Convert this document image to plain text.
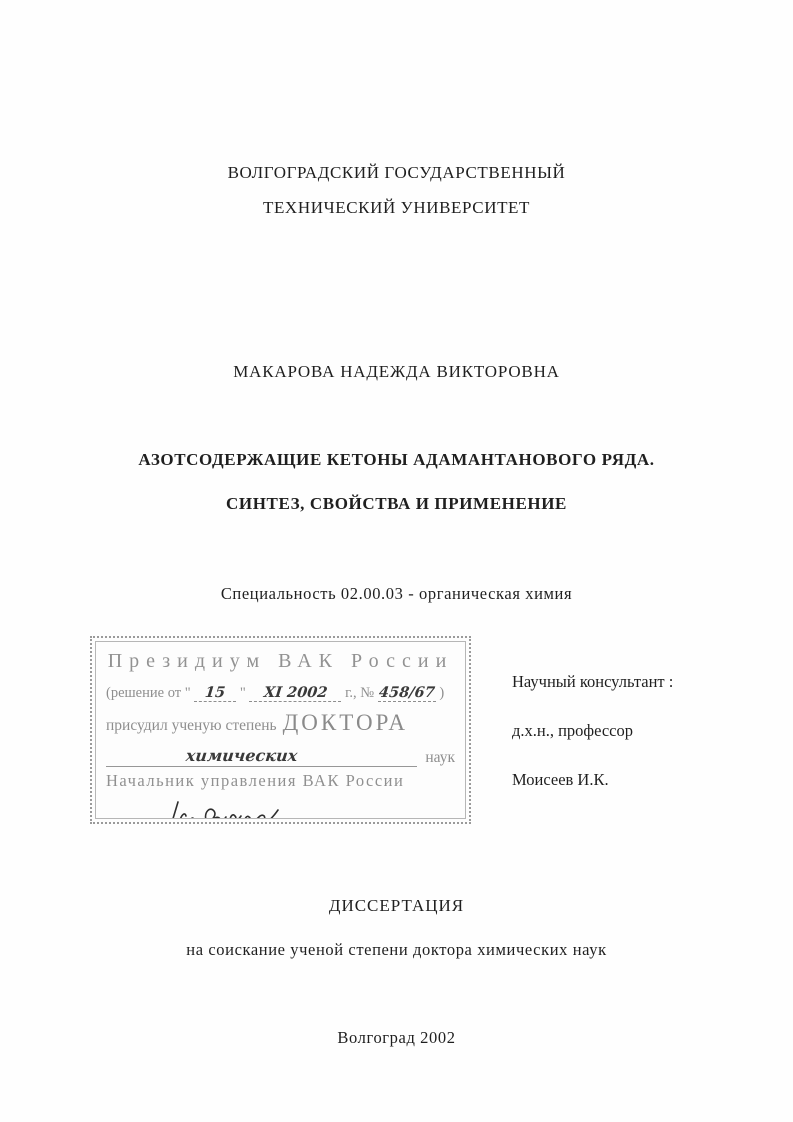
ВОЛГОГРАДСКИЙ ГОСУДАРСТВЕННЫЙ
ТЕХНИЧЕСКИЙ УНИВЕРСИТЕТ
МАКАРОВА НАДЕЖДА ВИКТОРОВНА
АЗОТСОДЕРЖАЩИЕ КЕТОНЫ АДАМАНТАНОВОГО РЯДА.
СИНТЕЗ, СВОЙСТВА И ПРИМЕНЕНИЕ
Специальность 02.00.03 - органическая химия
Президиум ВАК России
(решение от " 15 " XI 2002 г., № 458/67 )
присудил ученую степень ДОКТОРА
химических	наук
Начальник управления ВАК России
Научный консультант :
д.х.н., профессор
Моисеев И.К.
ДИССЕРТАЦИЯ
на соискание ученой степени доктора химических наук
Волгоград 2002
